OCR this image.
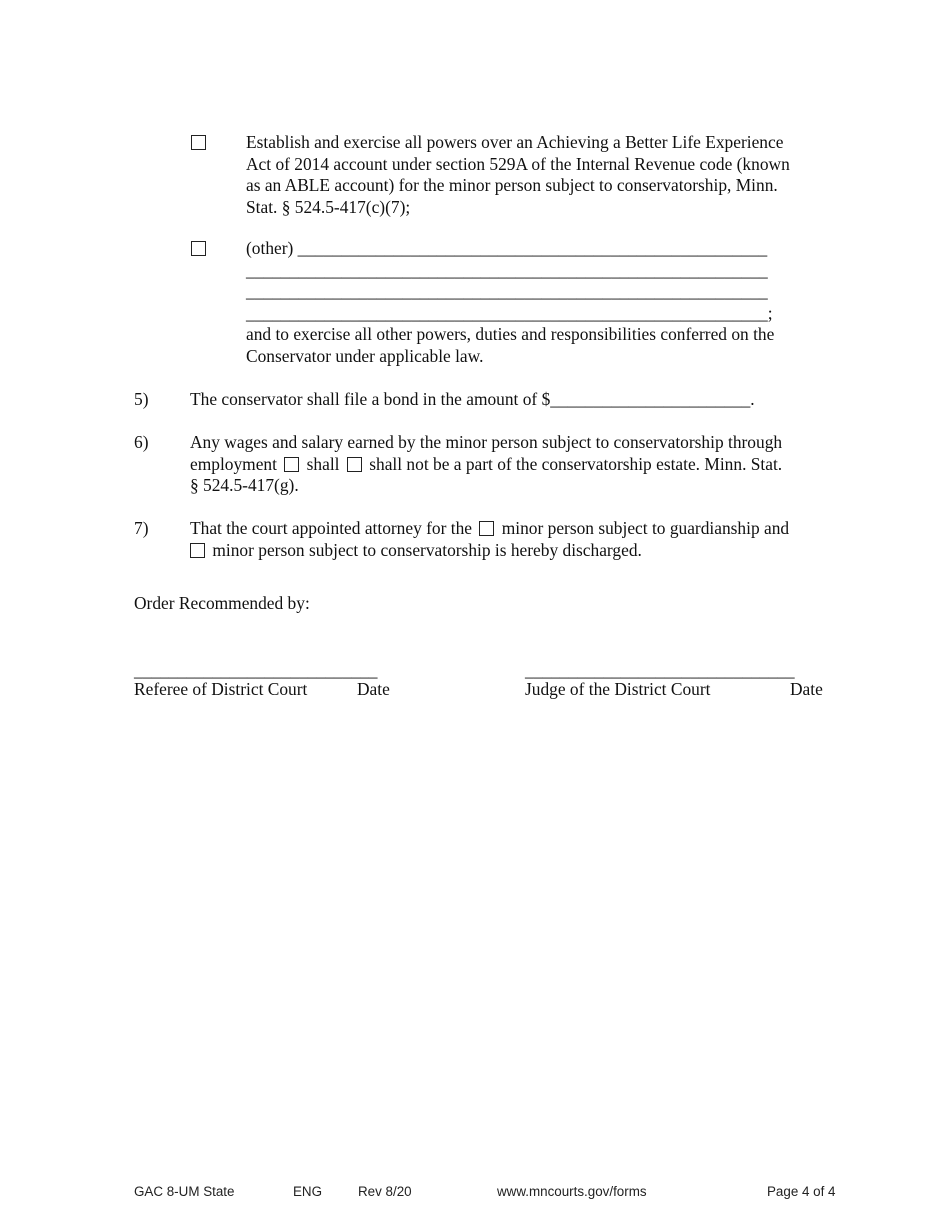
Establish and exercise all powers over an Achieving a Better Life Experience
Act of 2014 account under section 529A of the Internal Revenue code (known
as an ABLE account) for the minor person subject to conservatorship, Minn.
Stat. § 524.5-417(c)(7);
(other) ______________________________________________________
____________________________________________________________
____________________________________________________________
____________________________________________________________;
and to exercise all other powers, duties and responsibilities conferred on the
Conservator under applicable law.
5) The conservator shall file a bond in the amount of $_______________________.
6) Any wages and salary earned by the minor person subject to conservatorship through
employment shall shall not be a part of the conservatorship estate. Minn. Stat.
§ 524.5-417(g).
7) That the court appointed attorney for the minor person subject to guardianship and
minor person subject to conservatorship is hereby discharged.
Order Recommended by:
____________________________
Referee of District Court	Date
_______________________________
Judge of the District Court	Date
GAC 8-UM State	ENG	Rev 8/20	www.mncourts.gov/forms	Page 4 of 4
